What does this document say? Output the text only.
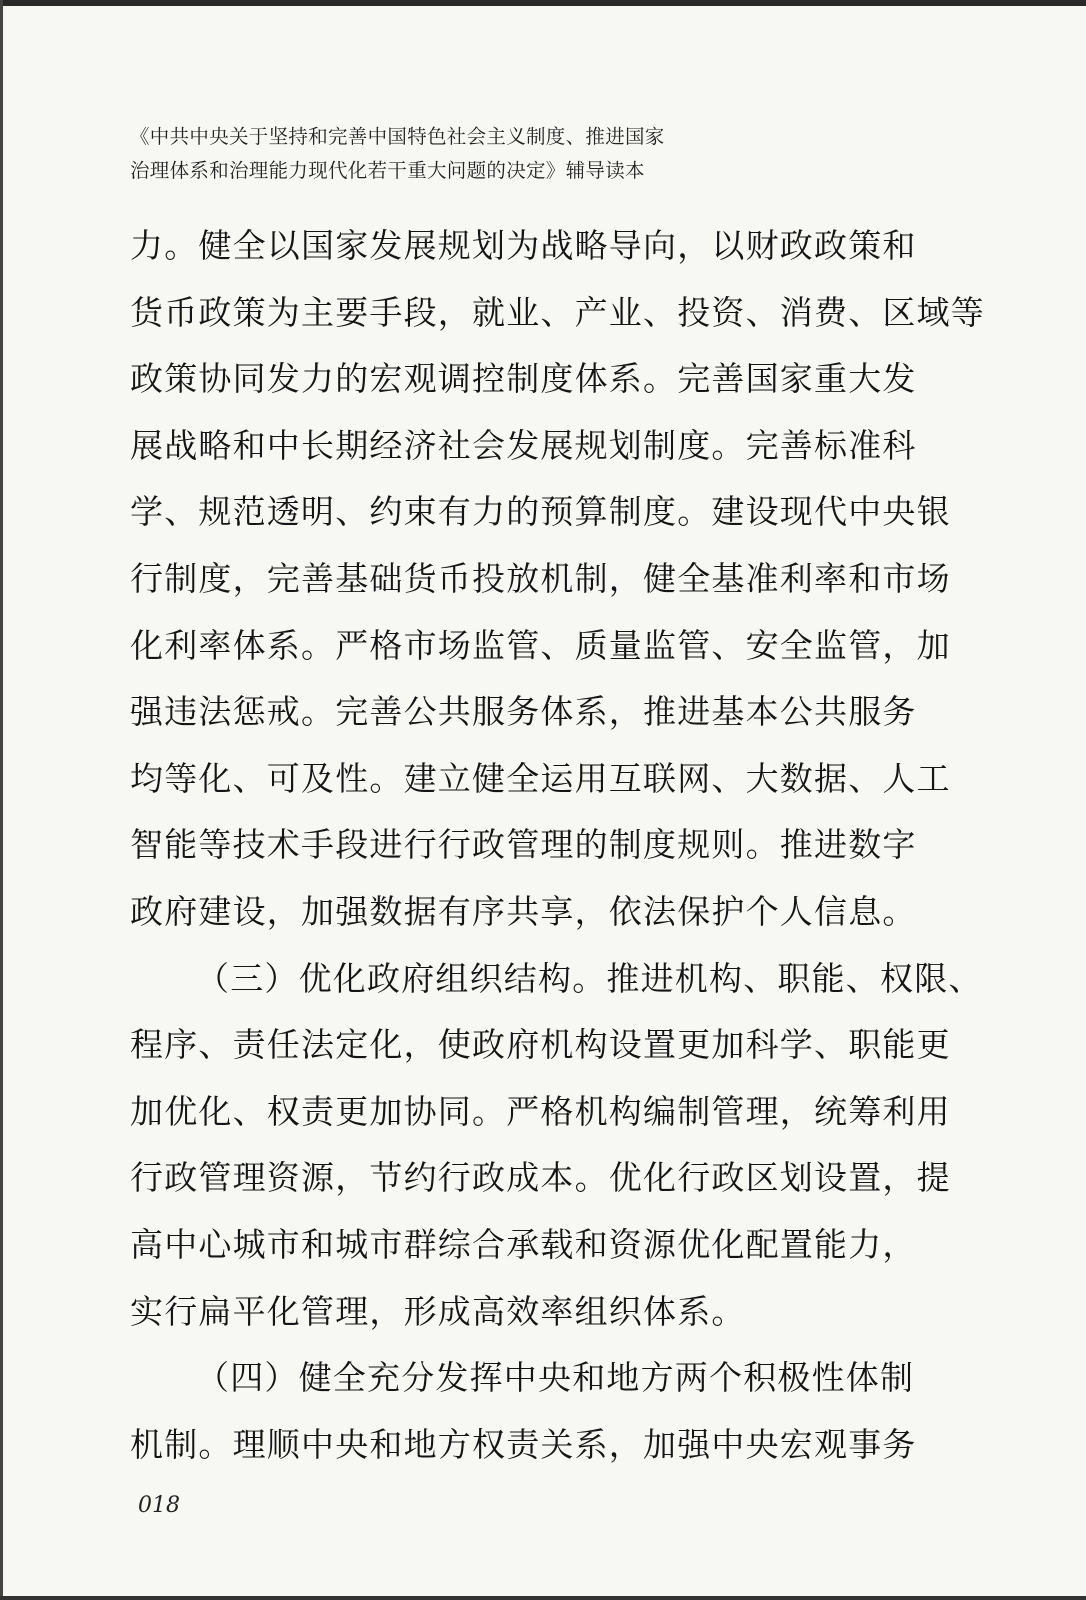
《中共中央关于坚持和完善中国特色社会主义制度、推进国家
治理体系和治理能力现代化若干重大问题的决定》辅导读本
力。健全以国家发展规划为战略导向，以财政政策和
货币政策为主要手段，就业、产业、投资、消费、区域等
政策协同发力的宏观调控制度体系。完善国家重大发
展战略和中长期经济社会发展规划制度。完善标准科
学、规范透明、约束有力的预算制度。建设现代中央银
行制度，完善基础货币投放机制，健全基准利率和市场
化利率体系。严格市场监管、质量监管、安全监管，加
强违法惩戒。完善公共服务体系，推进基本公共服务
均等化、可及性。建立健全运用互联网、大数据、人工
智能等技术手段进行行政管理的制度规则。推进数字
政府建设，加强数据有序共享，依法保护个人信息。
（三）优化政府组织结构。推进机构、职能、权限、
程序、责任法定化，使政府机构设置更加科学、职能更
加优化、权责更加协同。严格机构编制管理，统筹利用
行政管理资源，节约行政成本。优化行政区划设置，提
高中心城市和城市群综合承载和资源优化配置能力，
实行扁平化管理，形成高效率组织体系。
（四）健全充分发挥中央和地方两个积极性体制
机制。理顺中央和地方权责关系，加强中央宏观事务
018
